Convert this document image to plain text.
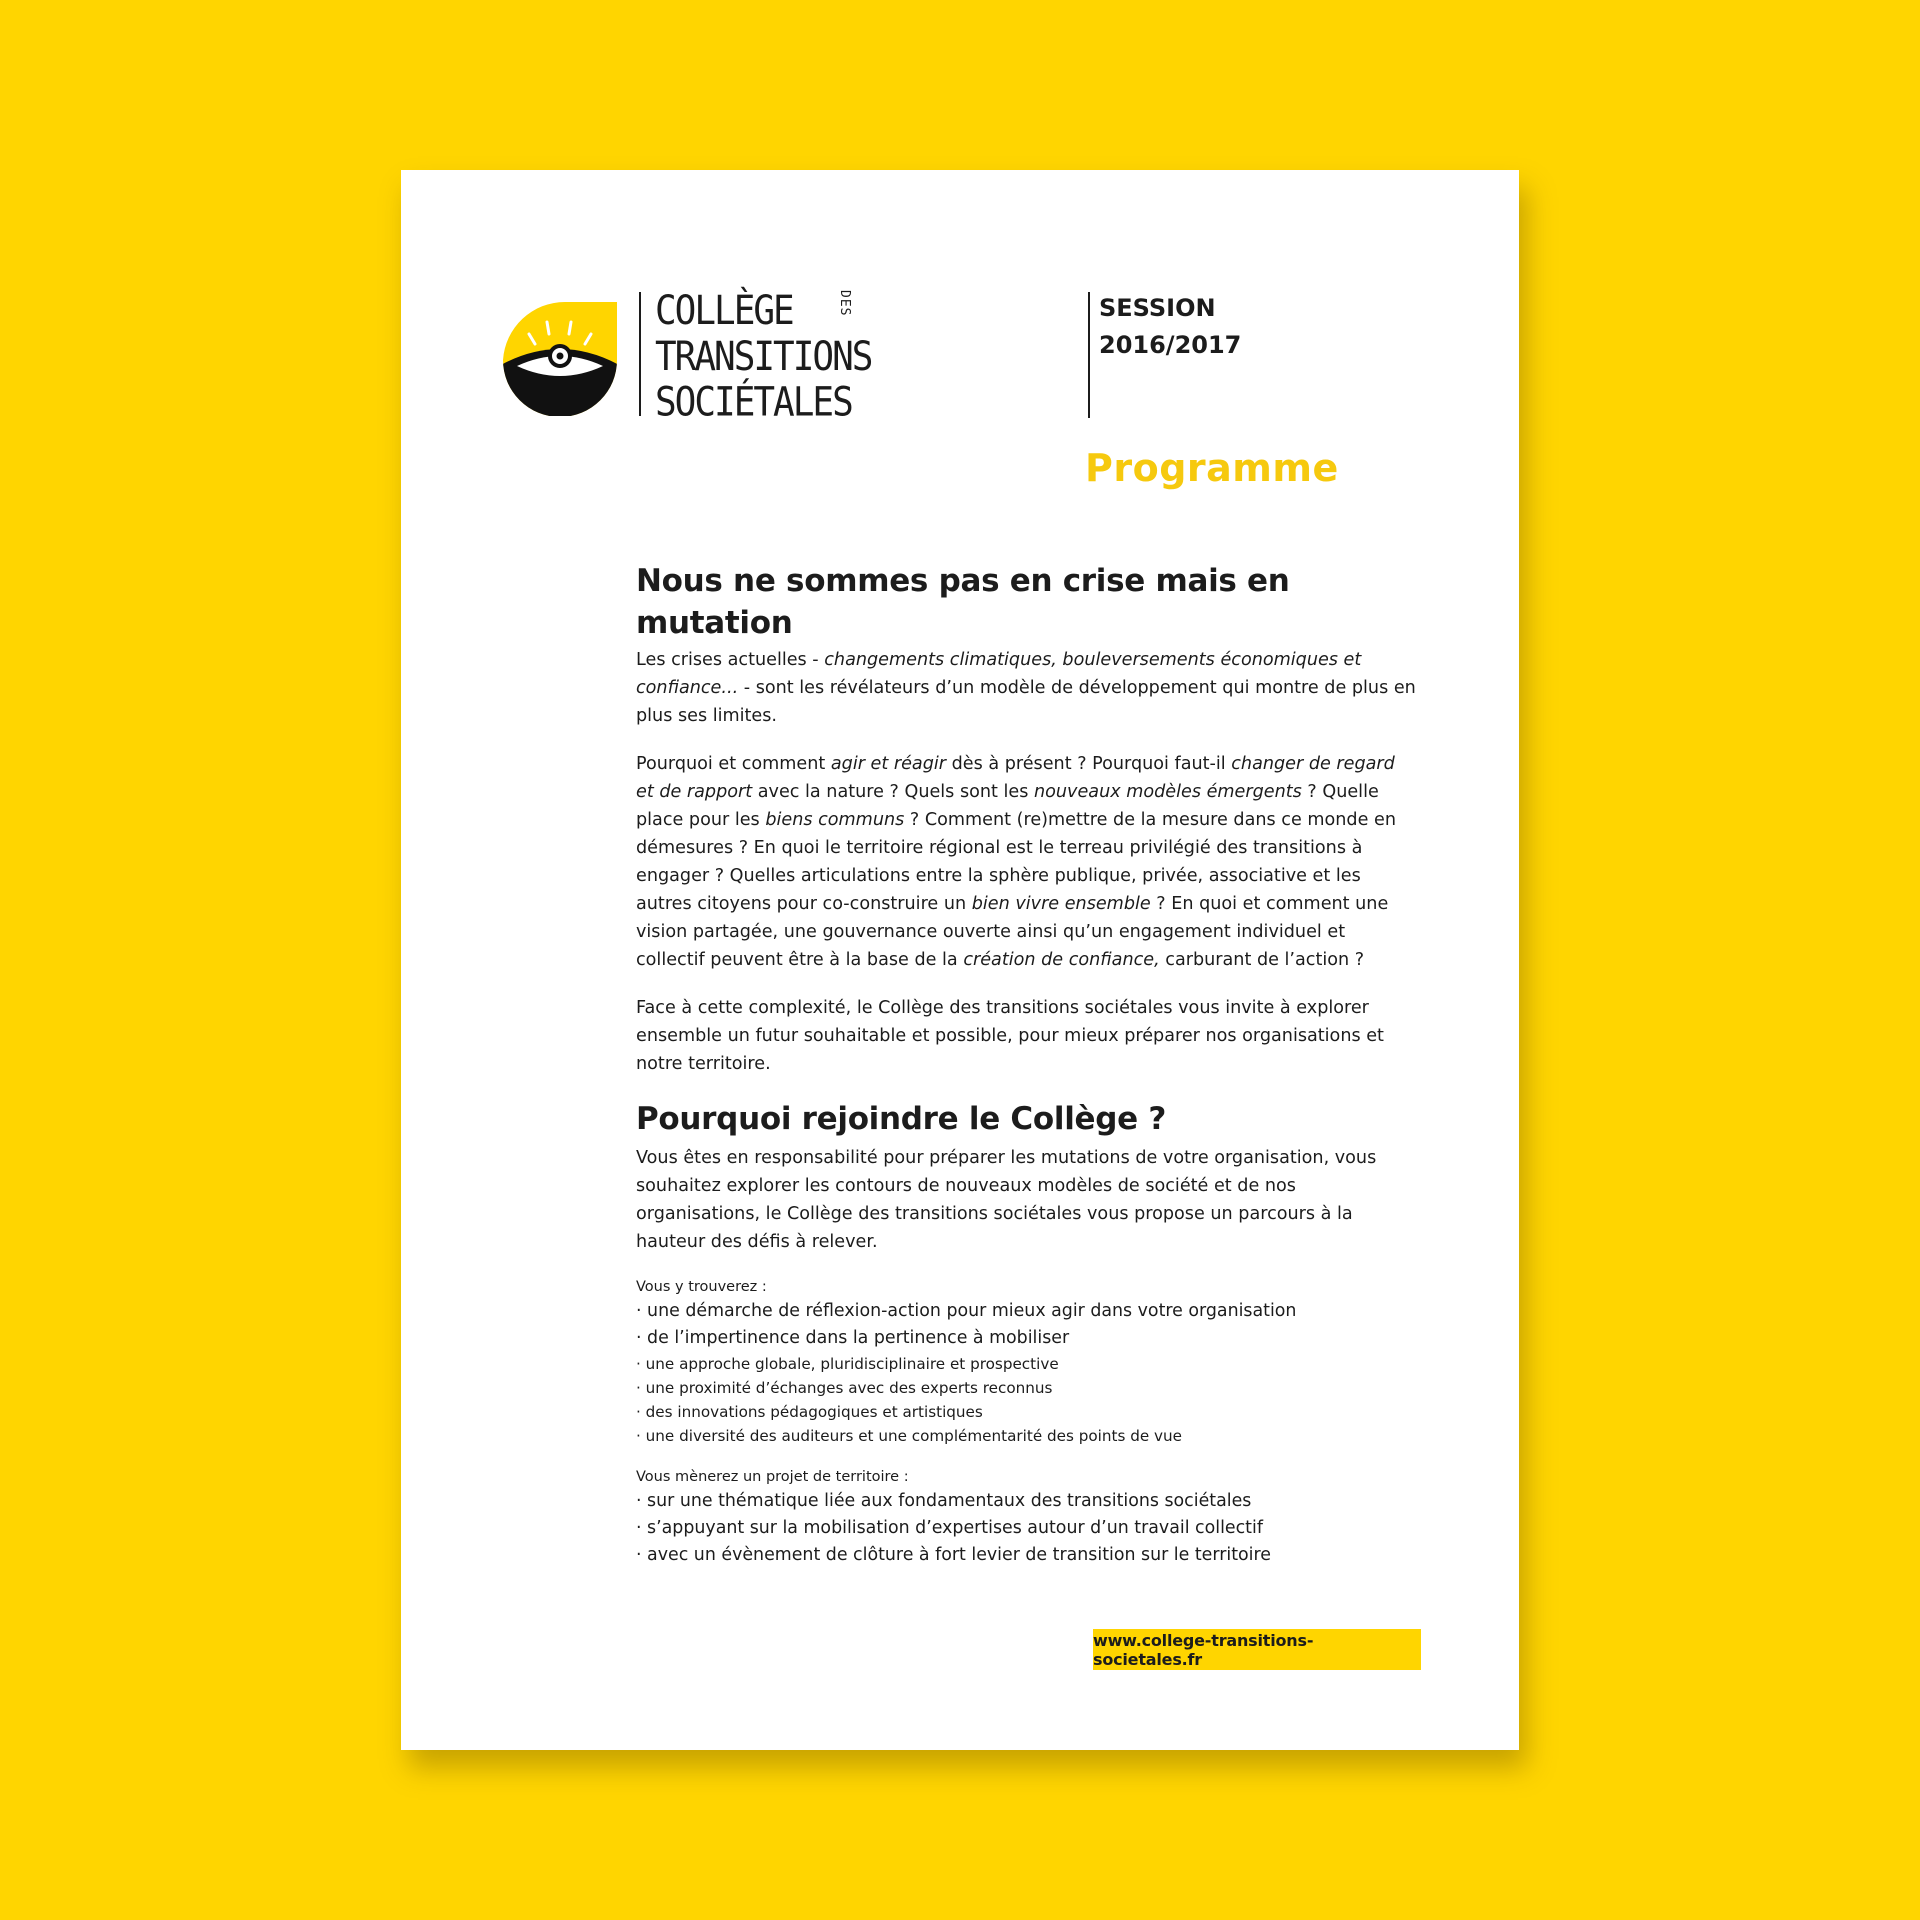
COLLÈGE
TRANSITIONS
SOCIÉTALES
DES	SESSION
2016/2017
Programme
Nous ne sommes pas en crise mais en mutation

Les crises actuelles - changements climatiques, bouleversements économiques et confiance... - sont les révélateurs d’un modèle de développement qui montre de plus en plus ses limites.

Pourquoi et comment agir et réagir dès à présent ? Pourquoi faut-il changer de regard et de rapport avec la nature ? Quels sont les nouveaux modèles émergents ? Quelle place pour les biens communs ? Comment (re)mettre de la mesure dans ce monde en démesures ? En quoi le territoire régional est le terreau privilégié des transitions à engager ? Quelles articulations entre la sphère publique, privée, associative et les autres citoyens pour co-construire un bien vivre ensemble ? En quoi et comment une vision partagée, une gouvernance ouverte ainsi qu’un engagement individuel et collectif peuvent être à la base de la création de confiance, carburant de l’action ?

Face à cette complexité, le Collège des transitions sociétales vous invite à explorer ensemble un futur souhaitable et possible, pour mieux préparer nos organisations et notre territoire.

Pourquoi rejoindre le Collège ?

Vous êtes en responsabilité pour préparer les mutations de votre organisation, vous souhaitez explorer les contours de nouveaux modèles de société et de nos organisations, le Collège des transitions sociétales vous propose un parcours à la hauteur des défis à relever.

Vous y trouverez :
· une démarche de réflexion-action pour mieux agir dans votre organisation
· de l’impertinence dans la pertinence à mobiliser
· une approche globale, pluridisciplinaire et prospective
· une proximité d’échanges avec des experts reconnus
· des innovations pédagogiques et artistiques
· une diversité des auditeurs et une complémentarité des points de vue
Vous mènerez un projet de territoire :
· sur une thématique liée aux fondamentaux des transitions sociétales
· s’appuyant sur la mobilisation d’expertises autour d’un travail collectif
· avec un évènement de clôture à fort levier de transition sur le territoire
www.college-transitions-societales.fr
